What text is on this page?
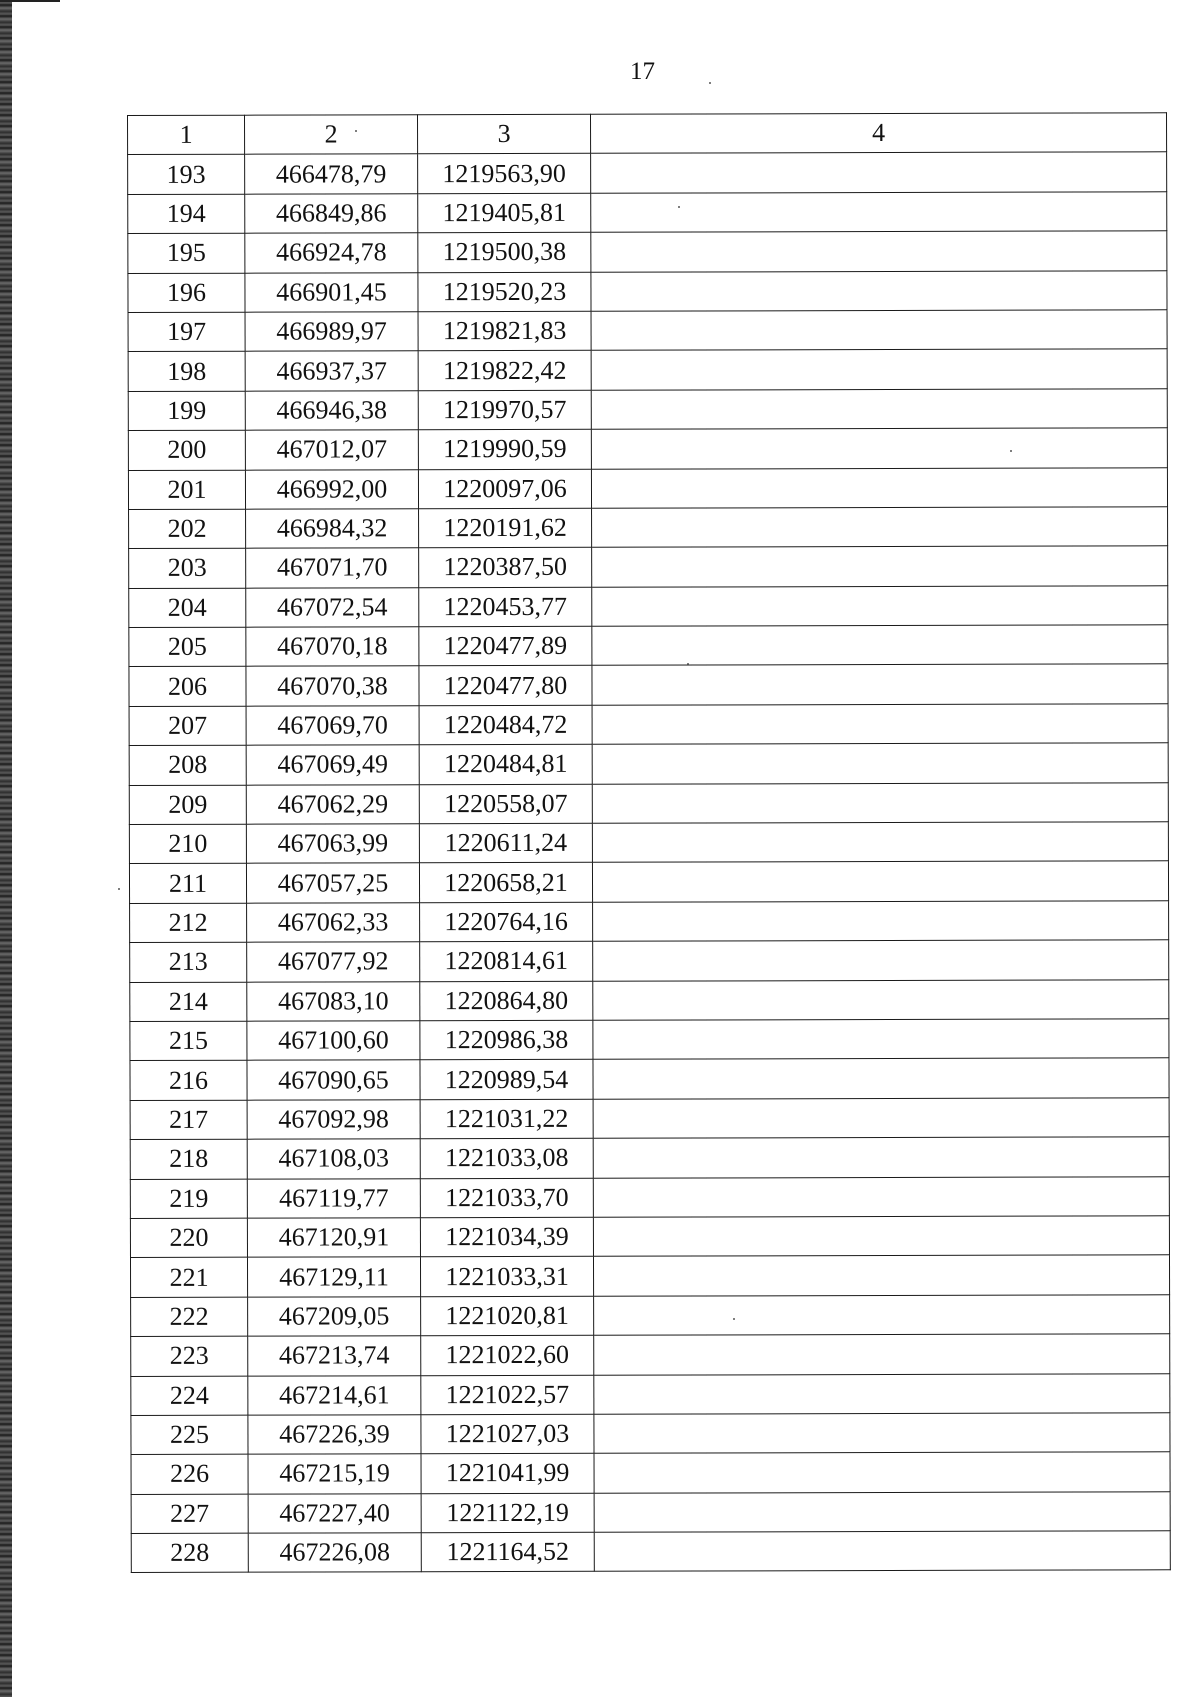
17
1	2	3	4
193	466478,79	1219563,90	
194	466849,86	1219405,81	
195	466924,78	1219500,38	
196	466901,45	1219520,23	
197	466989,97	1219821,83	
198	466937,37	1219822,42	
199	466946,38	1219970,57	
200	467012,07	1219990,59	
201	466992,00	1220097,06	
202	466984,32	1220191,62	
203	467071,70	1220387,50	
204	467072,54	1220453,77	
205	467070,18	1220477,89	
206	467070,38	1220477,80	
207	467069,70	1220484,72	
208	467069,49	1220484,81	
209	467062,29	1220558,07	
210	467063,99	1220611,24	
211	467057,25	1220658,21	
212	467062,33	1220764,16	
213	467077,92	1220814,61	
214	467083,10	1220864,80	
215	467100,60	1220986,38	
216	467090,65	1220989,54	
217	467092,98	1221031,22	
218	467108,03	1221033,08	
219	467119,77	1221033,70	
220	467120,91	1221034,39	
221	467129,11	1221033,31	
222	467209,05	1221020,81	
223	467213,74	1221022,60	
224	467214,61	1221022,57	
225	467226,39	1221027,03	
226	467215,19	1221041,99	
227	467227,40	1221122,19	
228	467226,08	1221164,52	
